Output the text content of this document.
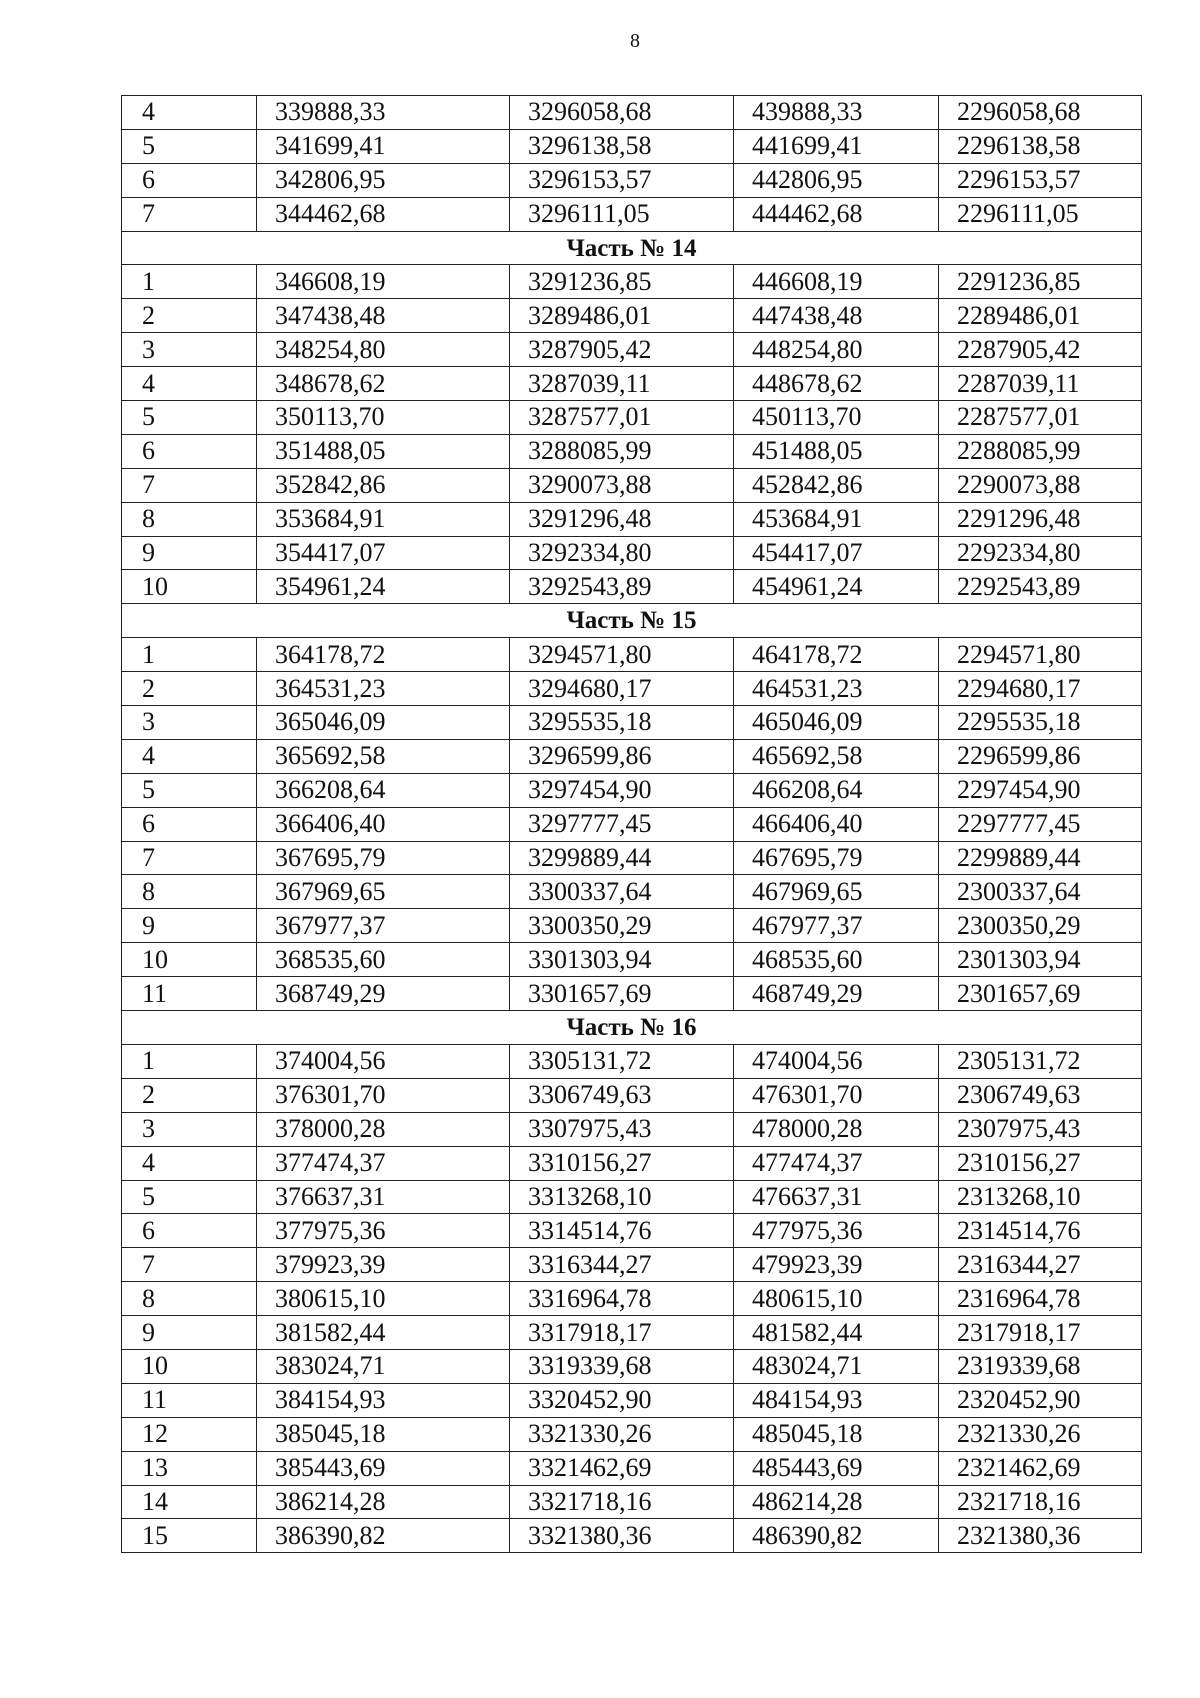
8
4	339888,33	3296058,68	439888,33	2296058,68
5	341699,41	3296138,58	441699,41	2296138,58
6	342806,95	3296153,57	442806,95	2296153,57
7	344462,68	3296111,05	444462,68	2296111,05
Часть № 14				
1	346608,19	3291236,85	446608,19	2291236,85
2	347438,48	3289486,01	447438,48	2289486,01
3	348254,80	3287905,42	448254,80	2287905,42
4	348678,62	3287039,11	448678,62	2287039,11
5	350113,70	3287577,01	450113,70	2287577,01
6	351488,05	3288085,99	451488,05	2288085,99
7	352842,86	3290073,88	452842,86	2290073,88
8	353684,91	3291296,48	453684,91	2291296,48
9	354417,07	3292334,80	454417,07	2292334,80
10	354961,24	3292543,89	454961,24	2292543,89
Часть № 15				
1	364178,72	3294571,80	464178,72	2294571,80
2	364531,23	3294680,17	464531,23	2294680,17
3	365046,09	3295535,18	465046,09	2295535,18
4	365692,58	3296599,86	465692,58	2296599,86
5	366208,64	3297454,90	466208,64	2297454,90
6	366406,40	3297777,45	466406,40	2297777,45
7	367695,79	3299889,44	467695,79	2299889,44
8	367969,65	3300337,64	467969,65	2300337,64
9	367977,37	3300350,29	467977,37	2300350,29
10	368535,60	3301303,94	468535,60	2301303,94
11	368749,29	3301657,69	468749,29	2301657,69
Часть № 16				
1	374004,56	3305131,72	474004,56	2305131,72
2	376301,70	3306749,63	476301,70	2306749,63
3	378000,28	3307975,43	478000,28	2307975,43
4	377474,37	3310156,27	477474,37	2310156,27
5	376637,31	3313268,10	476637,31	2313268,10
6	377975,36	3314514,76	477975,36	2314514,76
7	379923,39	3316344,27	479923,39	2316344,27
8	380615,10	3316964,78	480615,10	2316964,78
9	381582,44	3317918,17	481582,44	2317918,17
10	383024,71	3319339,68	483024,71	2319339,68
11	384154,93	3320452,90	484154,93	2320452,90
12	385045,18	3321330,26	485045,18	2321330,26
13	385443,69	3321462,69	485443,69	2321462,69
14	386214,28	3321718,16	486214,28	2321718,16
15	386390,82	3321380,36	486390,82	2321380,36
